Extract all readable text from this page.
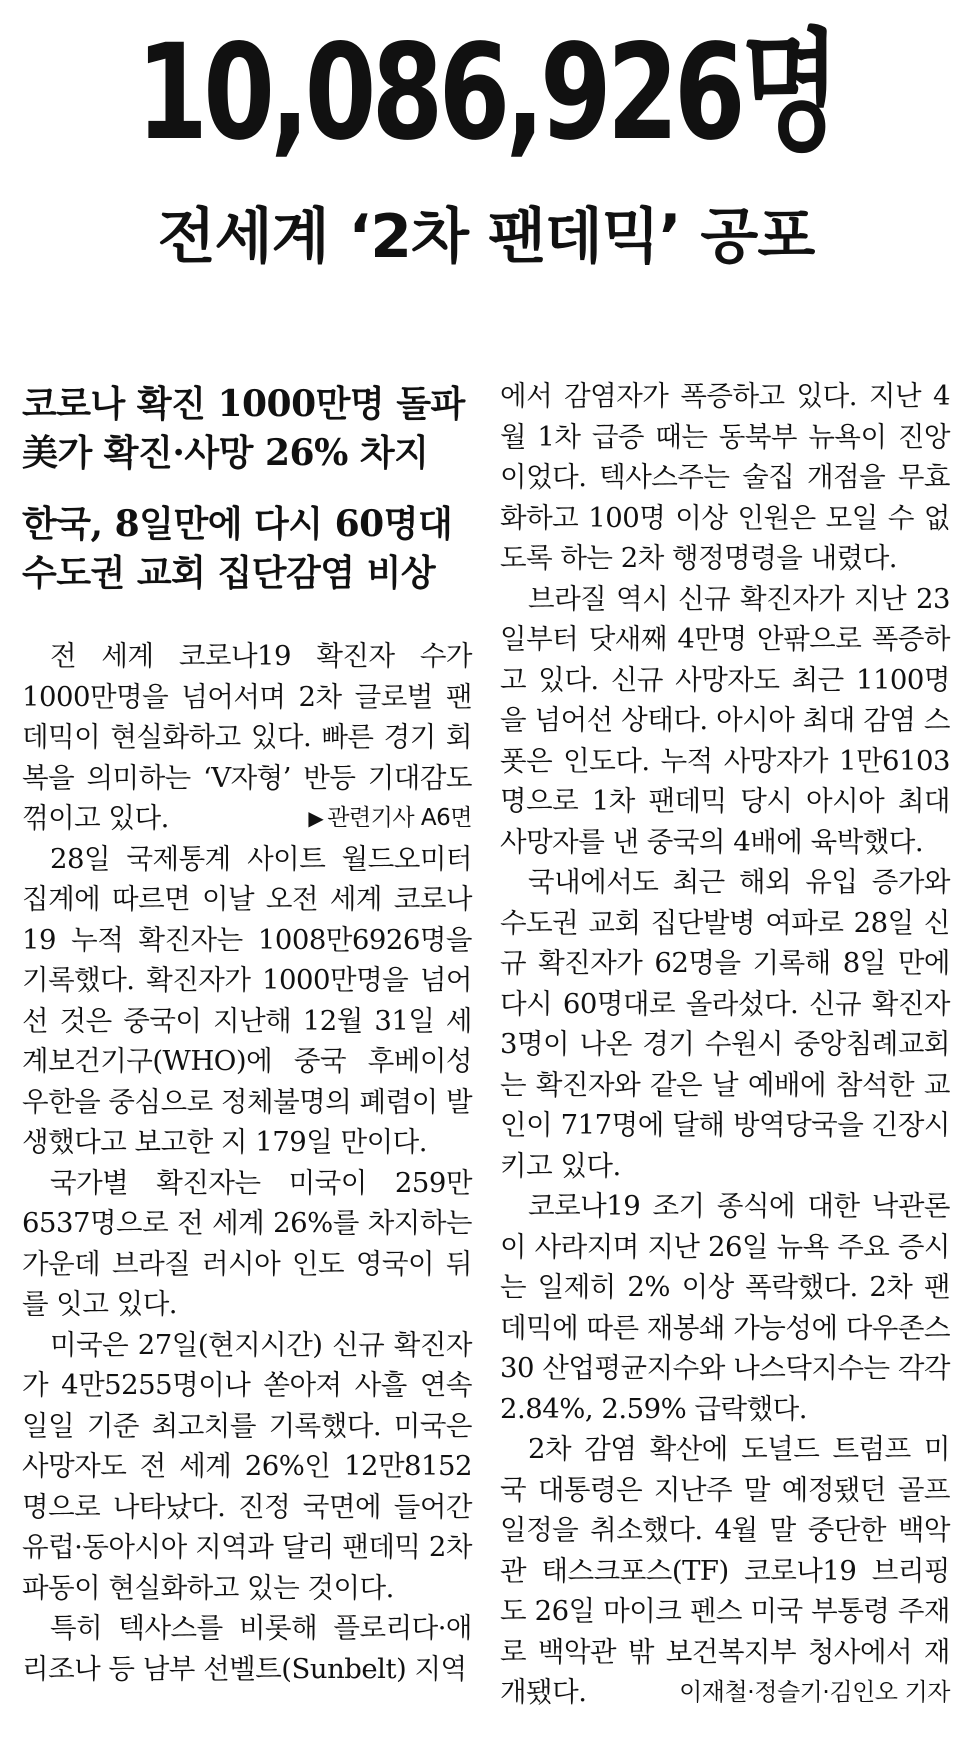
10,086,926명
전세계 ‘2차 팬데믹’ 공포
코로나 확진 1000만명 돌파
美가 확진·사망 26% 차지
한국, 8일만에 다시 60명대
수도권 교회 집단감염 비상

전 세계 코로나19 확진자 수가 1000만명을 넘어서며 2차 글로벌 팬데믹이 현실화하고 있다. 빠른 경기 회복을 의미하는 ‘V자형’ 반등 기대감도 꺾이고 있다.	▶ 관련기사 A6면

28일 국제통계 사이트 월드오미터 집계에 따르면 이날 오전 세계 코로나19 누적 확진자는 1008만6926명을 기록했다. 확진자가 1000만명을 넘어선 것은 중국이 지난해 12월 31일 세계보건기구(WHO)에 중국 후베이성 우한을 중심으로 정체불명의 폐렴이 발생했다고 보고한 지 179일 만이다.

국가별 확진자는 미국이 259만6537명으로 전 세계 26%를 차지하는 가운데 브라질 러시아 인도 영국이 뒤를 잇고 있다.

미국은 27일(현지시간) 신규 확진자가 4만5255명이나 쏟아져 사흘 연속 일일 기준 최고치를 기록했다. 미국은 사망자도 전 세계 26%인 12만8152명으로 나타났다. 진정 국면에 들어간 유럽·동아시아 지역과 달리 팬데믹 2차 파동이 현실화하고 있는 것이다.

특히 텍사스를 비롯해 플로리다·애리조나 등 남부 선벨트(Sunbelt) 지역

에서 감염자가 폭증하고 있다. 지난 4월 1차 급증 때는 동북부 뉴욕이 진앙이었다. 텍사스주는 술집 개점을 무효화하고 100명 이상 인원은 모일 수 없도록 하는 2차 행정명령을 내렸다.

브라질 역시 신규 확진자가 지난 23일부터 닷새째 4만명 안팎으로 폭증하고 있다. 신규 사망자도 최근 1100명을 넘어선 상태다. 아시아 최대 감염 스폿은 인도다. 누적 사망자가 1만6103명으로 1차 팬데믹 당시 아시아 최대 사망자를 낸 중국의 4배에 육박했다.

국내에서도 최근 해외 유입 증가와 수도권 교회 집단발병 여파로 28일 신규 확진자가 62명을 기록해 8일 만에 다시 60명대로 올라섰다. 신규 확진자 3명이 나온 경기 수원시 중앙침례교회는 확진자와 같은 날 예배에 참석한 교인이 717명에 달해 방역당국을 긴장시키고 있다.

코로나19 조기 종식에 대한 낙관론이 사라지며 지난 26일 뉴욕 주요 증시는 일제히 2% 이상 폭락했다. 2차 팬데믹에 따른 재봉쇄 가능성에 다우존스30 산업평균지수와 나스닥지수는 각각 2.84%, 2.59% 급락했다.

2차 감염 확산에 도널드 트럼프 미국 대통령은 지난주 말 예정됐던 골프 일정을 취소했다. 4월 말 중단한 백악관 태스크포스(TF) 코로나19 브리핑도 26일 마이크 펜스 미국 부통령 주재로 백악관 밖 보건복지부 청사에서 재개됐다.	이재철·정슬기·김인오 기자
